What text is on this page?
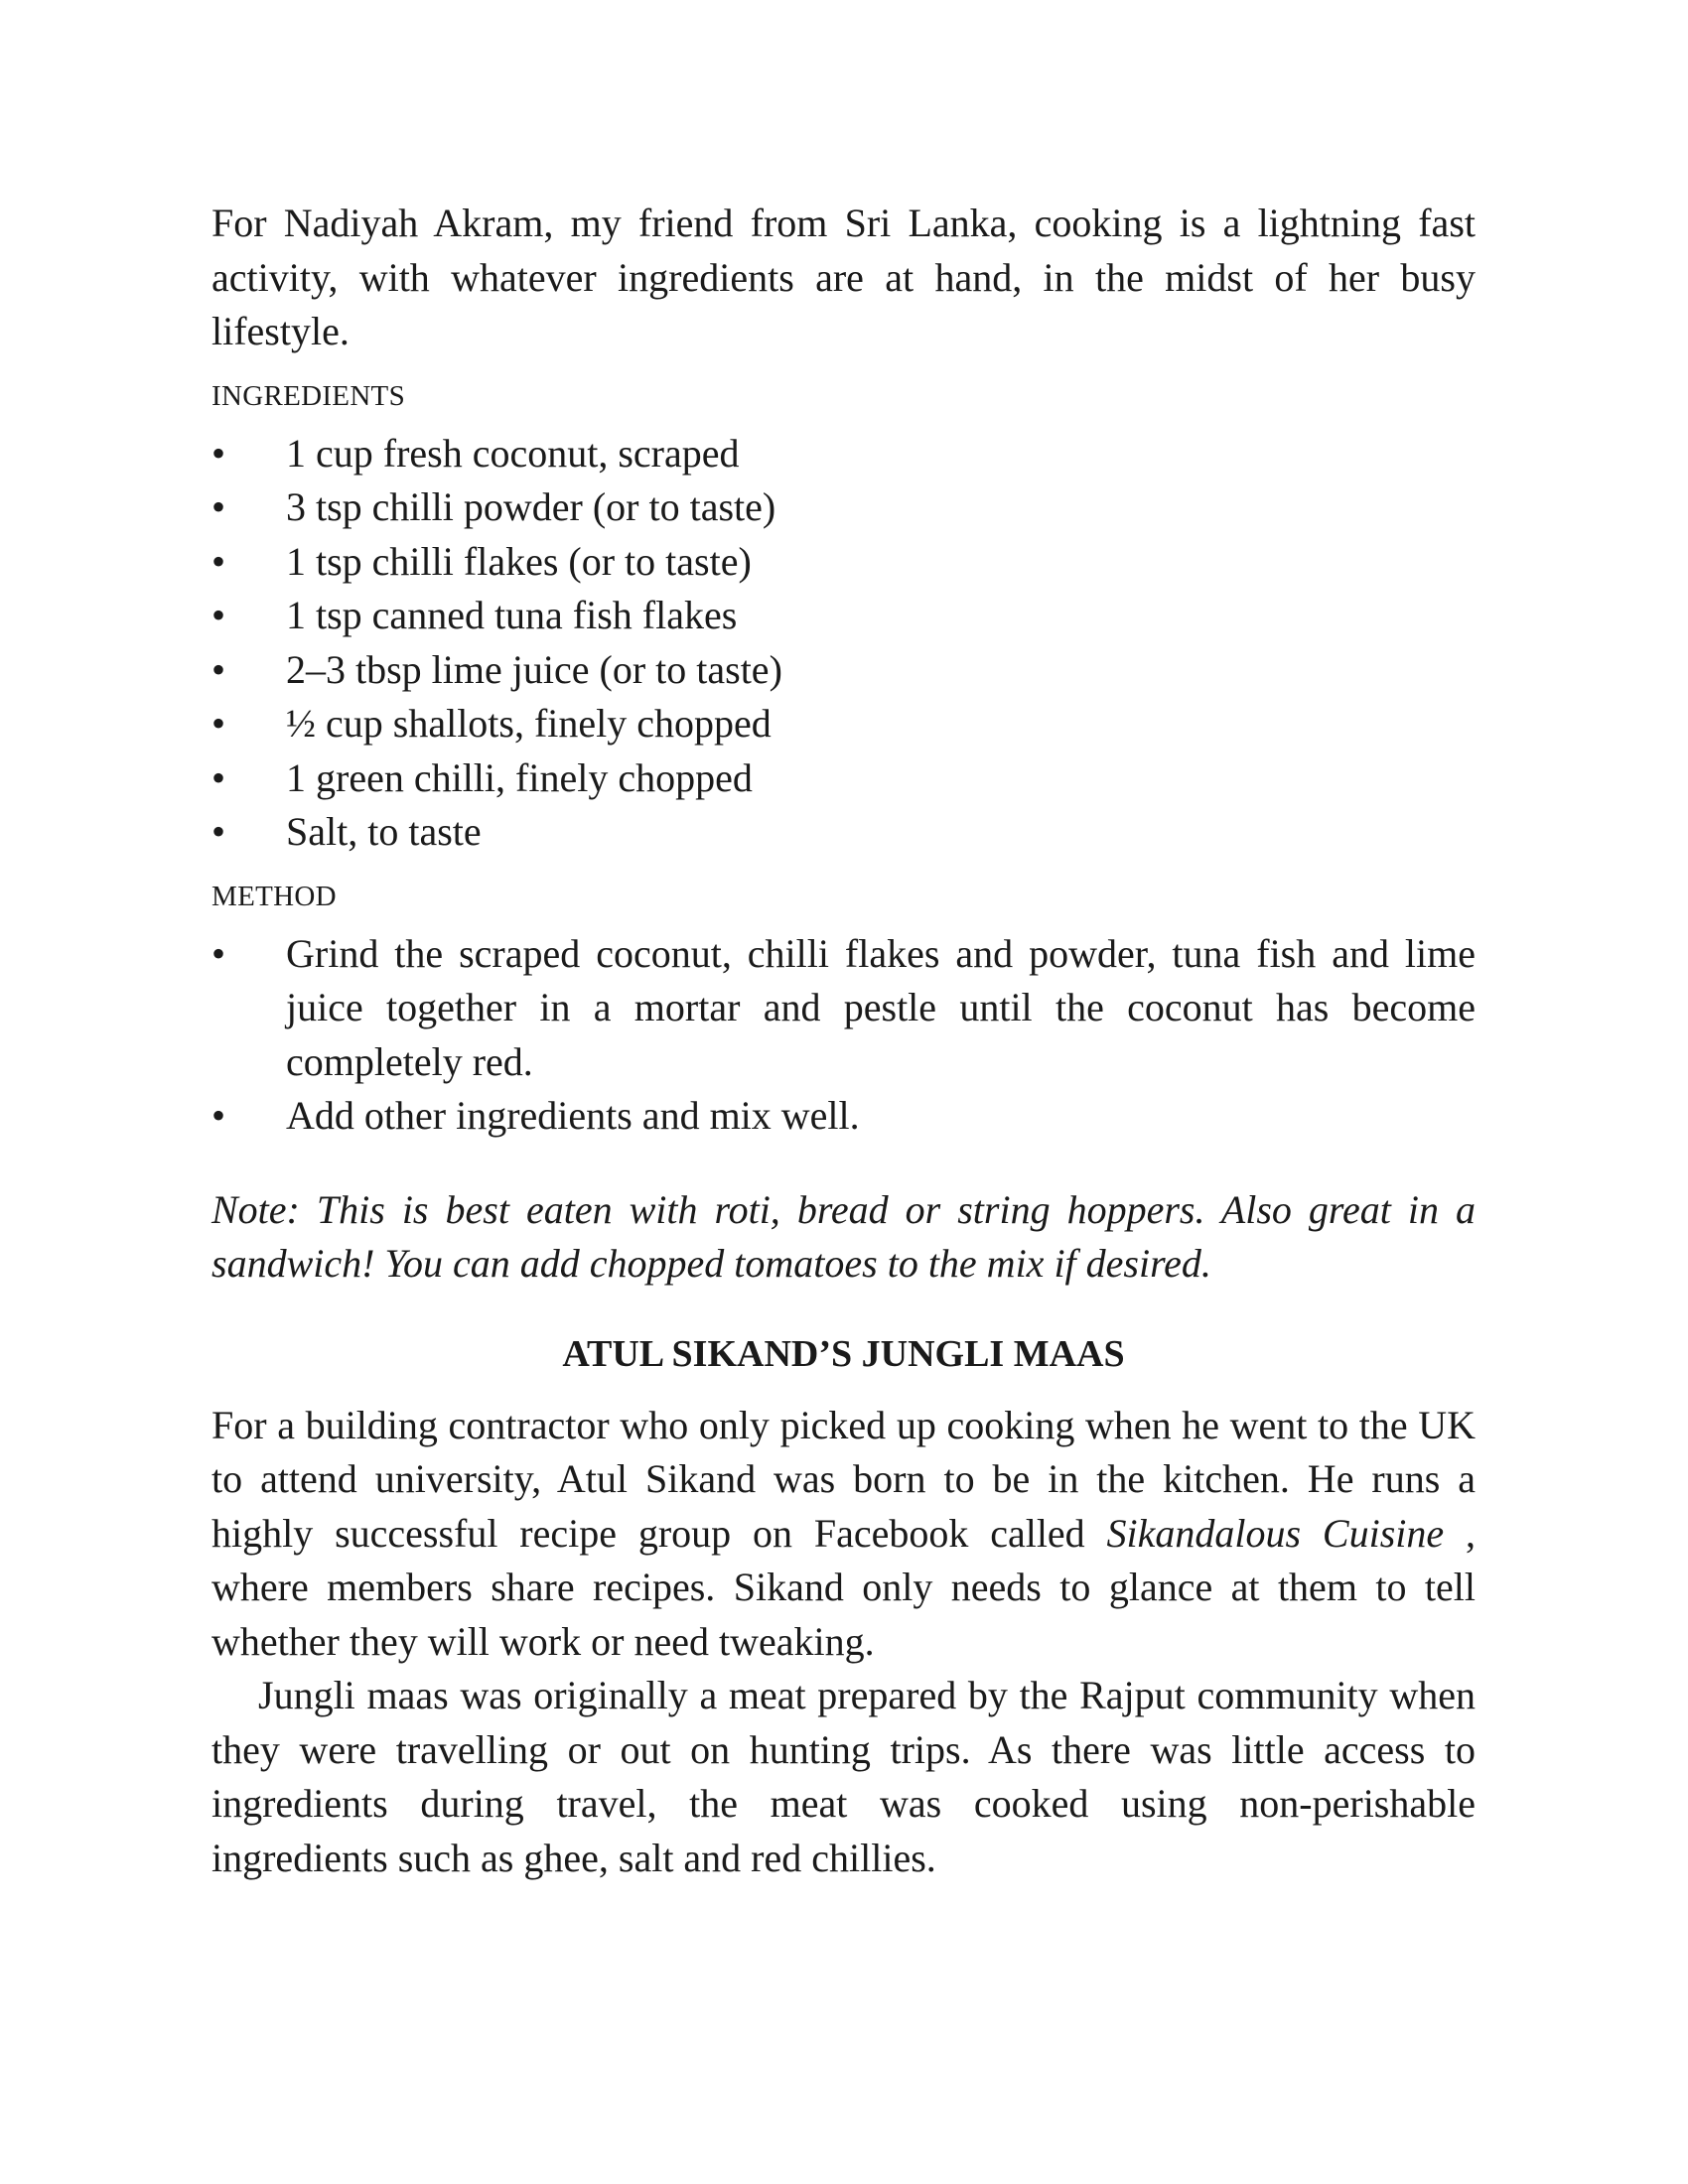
For Nadiyah Akram, my friend from Sri Lanka, cooking is a lightning fast activity, with whatever ingredients are at hand, in the midst of her busy lifestyle.

INGREDIENTS

• 1 cup fresh coconut, scraped
• 3 tsp chilli powder (or to taste)
• 1 tsp chilli flakes (or to taste)
• 1 tsp canned tuna fish flakes
• 2–3 tbsp lime juice (or to taste)
• ½ cup shallots, finely chopped
• 1 green chilli, finely chopped
• Salt, to taste

METHOD

• Grind the scraped coconut, chilli flakes and powder, tuna fish and lime juice together in a mortar and pestle until the coconut has become completely red.
• Add other ingredients and mix well.

Note: This is best eaten with roti, bread or string hoppers. Also great in a sandwich! You can add chopped tomatoes to the mix if desired.

ATUL SIKAND’S JUNGLI MAAS

For a building contractor who only picked up cooking when he went to the UK to attend university, Atul Sikand was born to be in the kitchen. He runs a highly successful recipe group on Facebook called Sikandalous Cuisine , where members share recipes. Sikand only needs to glance at them to tell whether they will work or need tweaking.

Jungli maas was originally a meat prepared by the Rajput community when they were travelling or out on hunting trips. As there was little access to ingredients during travel, the meat was cooked using non-perishable ingredients such as ghee, salt and red chillies.
